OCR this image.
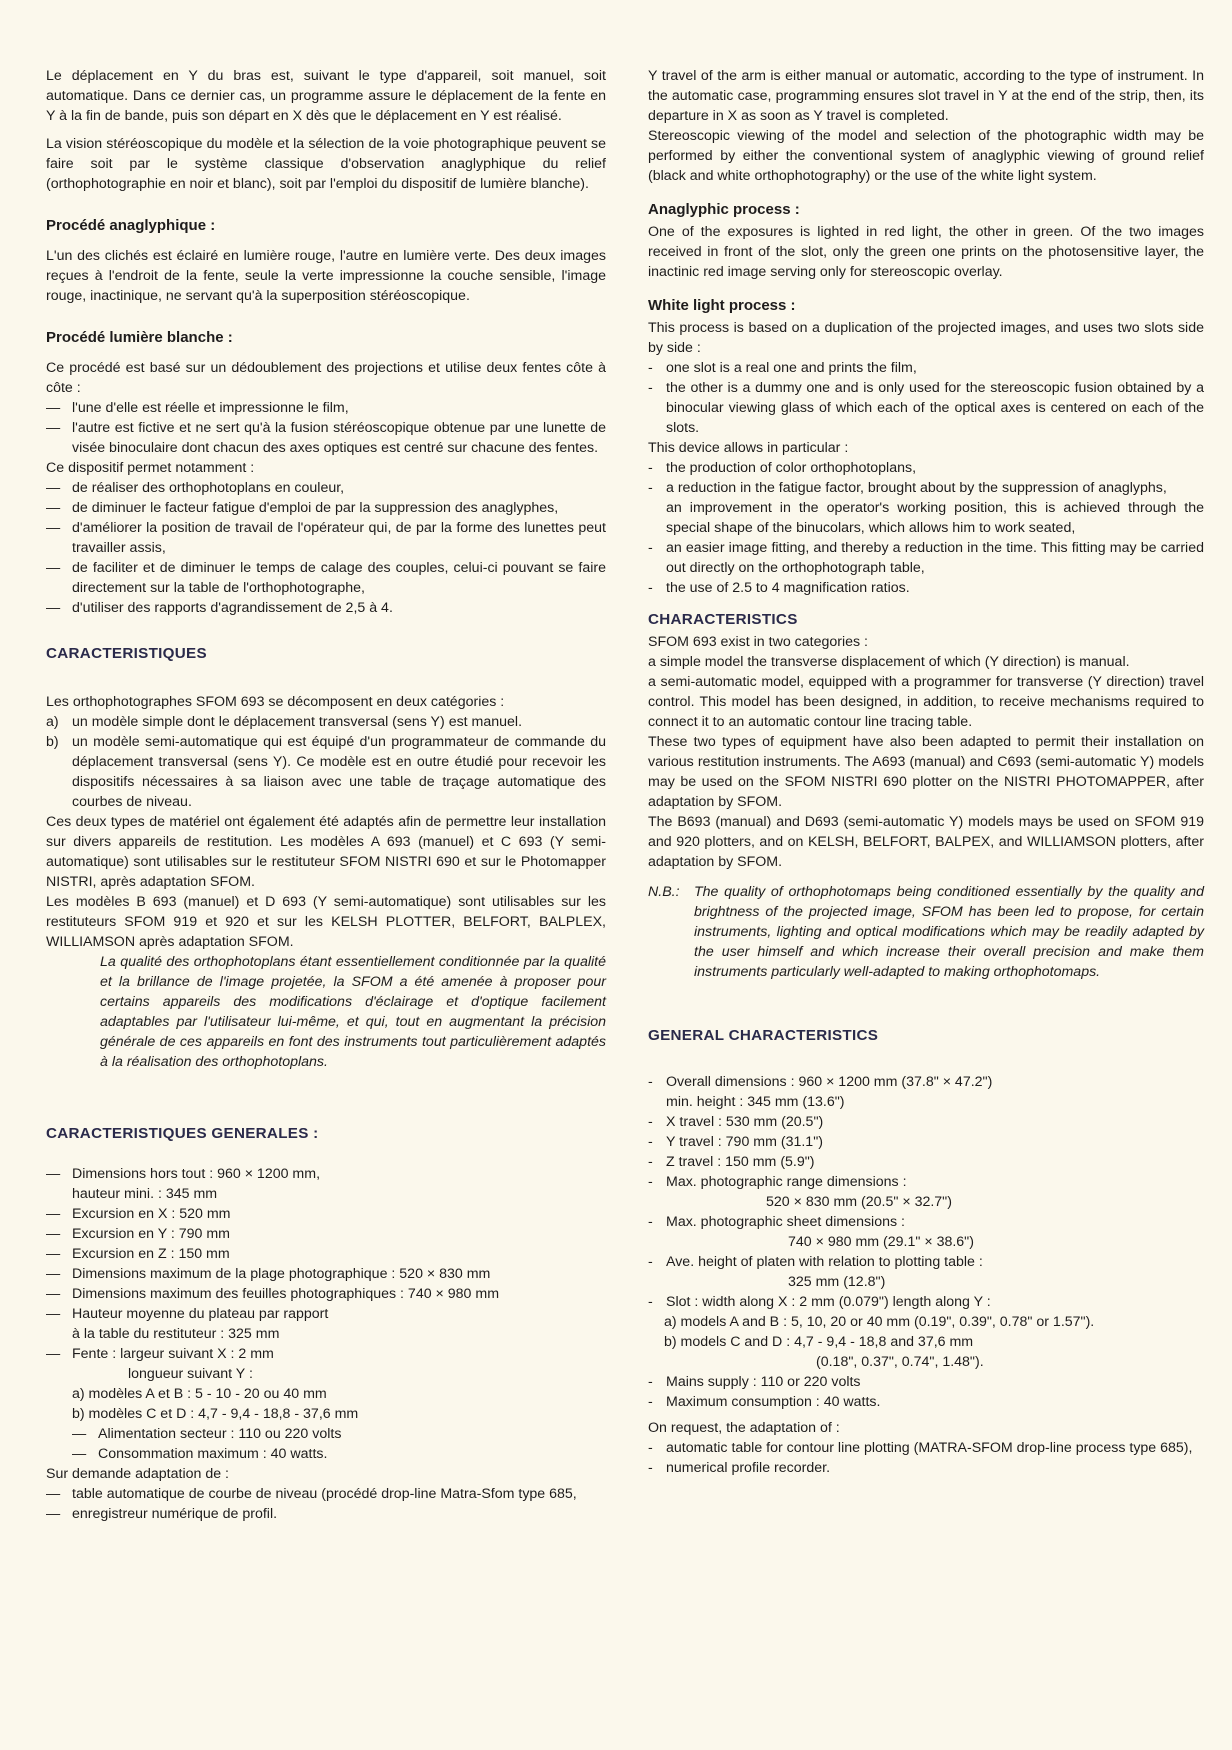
Le déplacement en Y du bras est, suivant le type d'appareil, soit manuel, soit automatique. Dans ce dernier cas, un programme assure le déplacement de la fente en Y à la fin de bande, puis son départ en X dès que le déplacement en Y est réalisé.

La vision stéréoscopique du modèle et la sélection de la voie photographique peuvent se faire soit par le système classique d'observation anaglyphique du relief (orthophotographie en noir et blanc), soit par l'emploi du dispositif de lumière blanche).

Procédé anaglyphique :

L'un des clichés est éclairé en lumière rouge, l'autre en lumière verte. Des deux images reçues à l'endroit de la fente, seule la verte impressionne la couche sensible, l'image rouge, inactinique, ne servant qu'à la superposition stéréoscopique.

Procédé lumière blanche :

Ce procédé est basé sur un dédoublement des projections et utilise deux fentes côte à côte :

— l'une d'elle est réelle et impressionne le film,
— l'autre est fictive et ne sert qu'à la fusion stéréoscopique obtenue par une lunette de visée binoculaire dont chacun des axes optiques est centré sur chacune des fentes.

Ce dispositif permet notamment :

— de réaliser des orthophotoplans en couleur,
— de diminuer le facteur fatigue d'emploi de par la suppression des anaglyphes,
— d'améliorer la position de travail de l'opérateur qui, de par la forme des lunettes peut travailler assis,
— de faciliter et de diminuer le temps de calage des couples, celui-ci pouvant se faire directement sur la table de l'orthophotographe,
— d'utiliser des rapports d'agrandissement de 2,5 à 4.

CARACTERISTIQUES

Les orthophotographes SFOM 693 se décomposent en deux catégories :

a) un modèle simple dont le déplacement transversal (sens Y) est manuel.
b) un modèle semi-automatique qui est équipé d'un programmateur de commande du déplacement transversal (sens Y). Ce modèle est en outre étudié pour recevoir les dispositifs nécessaires à sa liaison avec une table de traçage automatique des courbes de niveau.

Ces deux types de matériel ont également été adaptés afin de permettre leur installation sur divers appareils de restitution. Les modèles A 693 (manuel) et C 693 (Y semi-automatique) sont utilisables sur le restituteur SFOM NISTRI 690 et sur le Photomapper NISTRI, après adaptation SFOM.

Les modèles B 693 (manuel) et D 693 (Y semi-automatique) sont utilisables sur les restituteurs SFOM 919 et 920 et sur les KELSH PLOTTER, BELFORT, BALPLEX, WILLIAMSON après adaptation SFOM.

La qualité des orthophotoplans étant essentiellement conditionnée par la qualité et la brillance de l'image projetée, la SFOM a été amenée à proposer pour certains appareils des modifications d'éclairage et d'optique facilement adaptables par l'utilisateur lui-même, et qui, tout en augmentant la précision générale de ces appareils en font des instruments tout particulièrement adaptés à la réalisation des orthophotoplans.

CARACTERISTIQUES GENERALES :

— Dimensions hors tout : 960 × 1200 mm,
hauteur mini. : 345 mm
— Excursion en X : 520 mm
— Excursion en Y : 790 mm
— Excursion en Z : 150 mm
— Dimensions maximum de la plage photographique : 520 × 830 mm
— Dimensions maximum des feuilles photographiques : 740 × 980 mm
— Hauteur moyenne du plateau par rapport
à la table du restituteur : 325 mm
— Fente : largeur suivant X : 2 mm
longueur suivant Y :
a) modèles A et B : 5 - 10 - 20 ou 40 mm
b) modèles C et D : 4,7 - 9,4 - 18,8 - 37,6 mm
— Alimentation secteur : 110 ou 220 volts
— Consommation maximum : 40 watts.
Sur demande adaptation de :
— table automatique de courbe de niveau (procédé drop-line Matra-Sfom type 685,
— enregistreur numérique de profil.

Y travel of the arm is either manual or automatic, according to the type of instrument. In the automatic case, programming ensures slot travel in Y at the end of the strip, then, its departure in X as soon as Y travel is completed.

Stereoscopic viewing of the model and selection of the photographic width may be performed by either the conventional system of anaglyphic viewing of ground relief (black and white orthophotography) or the use of the white light system.

Anaglyphic process :

One of the exposures is lighted in red light, the other in green. Of the two images received in front of the slot, only the green one prints on the photosensitive layer, the inactinic red image serving only for stereoscopic overlay.

White light process :

This process is based on a duplication of the projected images, and uses two slots side by side :

- one slot is a real one and prints the film,
- the other is a dummy one and is only used for the stereoscopic fusion obtained by a binocular viewing glass of which each of the optical axes is centered on each of the slots.

This device allows in particular :

- the production of color orthophotoplans,
- a reduction in the fatigue factor, brought about by the suppression of anaglyphs,
an improvement in the operator's working position, this is achieved through the special shape of the binucolars, which allows him to work seated,
- an easier image fitting, and thereby a reduction in the time. This fitting may be carried out directly on the orthophotograph table,
- the use of 2.5 to 4 magnification ratios.

CHARACTERISTICS

SFOM 693 exist in two categories :

a simple model the transverse displacement of which (Y direction) is manual.

a semi-automatic model, equipped with a programmer for transverse (Y direction) travel control. This model has been designed, in addition, to receive mechanisms required to connect it to an automatic contour line tracing table.

These two types of equipment have also been adapted to permit their installation on various restitution instruments. The A693 (manual) and C693 (semi-automatic Y) models may be used on the SFOM NISTRI 690 plotter on the NISTRI PHOTOMAPPER, after adaptation by SFOM.

The B693 (manual) and D693 (semi-automatic Y) models mays be used on SFOM 919 and 920 plotters, and on KELSH, BELFORT, BALPEX, and WILLIAMSON plotters, after adaptation by SFOM.

N.B.:	The quality of orthophotomaps being conditioned essentially by the quality and brightness of the projected image, SFOM has been led to propose, for certain instruments, lighting and optical modifications which may be readily adapted by the user himself and which increase their overall precision and make them instruments particularly well-adapted to making orthophotomaps.

GENERAL CHARACTERISTICS

- Overall dimensions : 960 × 1200 mm (37.8" × 47.2")
min. height : 345 mm (13.6")
- X travel : 530 mm (20.5")
- Y travel : 790 mm (31.1")
- Z travel : 150 mm (5.9")
- Max. photographic range dimensions :
520 × 830 mm (20.5" × 32.7")
- Max. photographic sheet dimensions :
740 × 980 mm (29.1" × 38.6")
- Ave. height of platen with relation to plotting table :
325 mm (12.8")
- Slot : width along X : 2 mm (0.079") length along Y :
a) models A and B : 5, 10, 20 or 40 mm (0.19", 0.39", 0.78" or 1.57").
b) models C and D : 4,7 - 9,4 - 18,8 and 37,6 mm
(0.18", 0.37", 0.74", 1.48").
- Mains supply : 110 or 220 volts
- Maximum consumption : 40 watts.
On request, the adaptation of :
- automatic table for contour line plotting (MATRA-SFOM drop-line process type 685),
- numerical profile recorder.
